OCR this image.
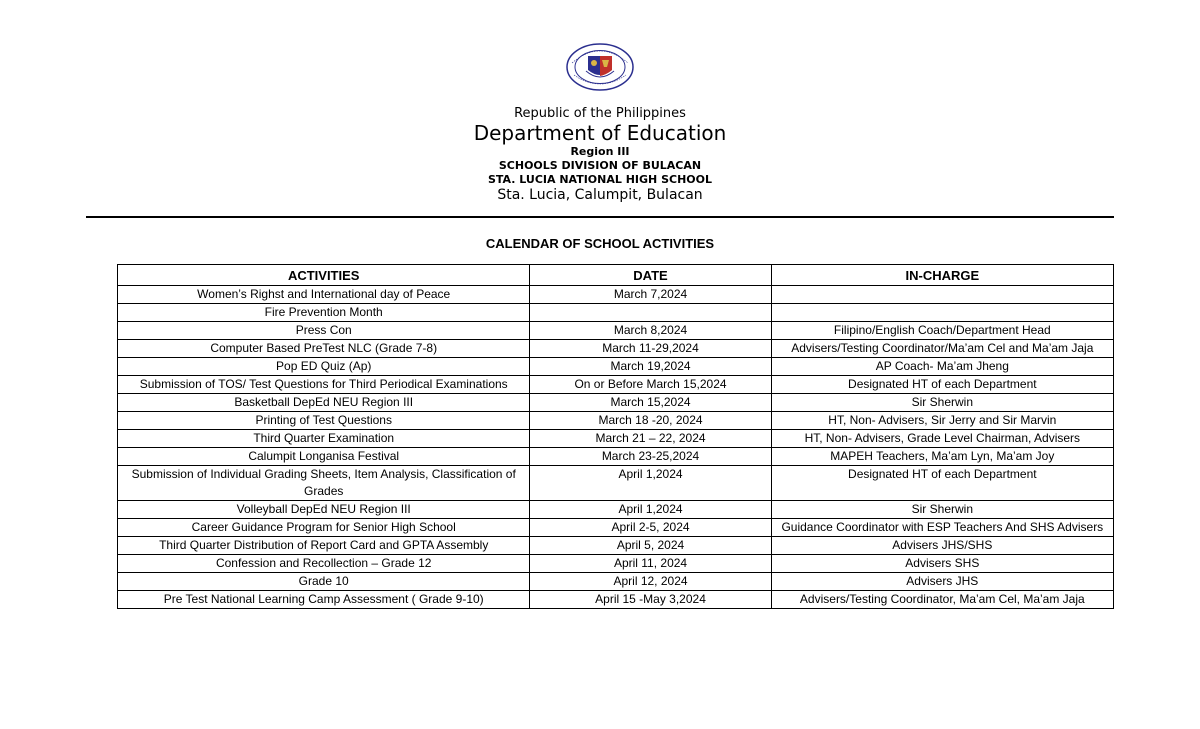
Republic of the Philippines
Department of Education
Region III
SCHOOLS DIVISION OF BULACAN
STA. LUCIA NATIONAL HIGH SCHOOL
Sta. Lucia, Calumpit, Bulacan
CALENDAR OF SCHOOL ACTIVITIES
ACTIVITIES	DATE	IN-CHARGE
Women’s Righst and International day of Peace	March 7,2024	
Fire Prevention Month		
Press Con	March 8,2024	Filipino/English Coach/Department Head
Computer Based PreTest NLC (Grade 7-8)	March 11-29,2024	Advisers/Testing Coordinator/Ma’am Cel and Ma’am Jaja
Pop ED Quiz (Ap)	March 19,2024	AP Coach- Ma’am Jheng
Submission of TOS/ Test Questions for Third Periodical Examinations	On or Before March 15,2024	Designated HT of each Department
Basketball DepEd NEU Region III	March 15,2024	Sir Sherwin
Printing of Test Questions	March 18 -20, 2024	HT, Non- Advisers, Sir Jerry and Sir Marvin
Third Quarter Examination	March 21 – 22, 2024	HT, Non- Advisers, Grade Level Chairman, Advisers
Calumpit Longanisa Festival	March 23-25,2024	MAPEH Teachers, Ma’am Lyn, Ma’am Joy
Submission of Individual Grading Sheets, Item Analysis, Classification of Grades	April 1,2024	Designated HT of each Department
Volleyball DepEd NEU Region III	April 1,2024	Sir Sherwin
Career Guidance Program for Senior High School	April 2-5, 2024	Guidance Coordinator with ESP Teachers And SHS Advisers
Third Quarter Distribution of Report Card and GPTA Assembly	April 5, 2024	Advisers JHS/SHS
Confession and Recollection – Grade 12	April 11, 2024	Advisers SHS
Grade 10	April 12, 2024	Advisers JHS
Pre Test National Learning Camp Assessment ( Grade 9-10)	April 15 -May 3,2024	Advisers/Testing Coordinator, Ma’am Cel, Ma’am Jaja
